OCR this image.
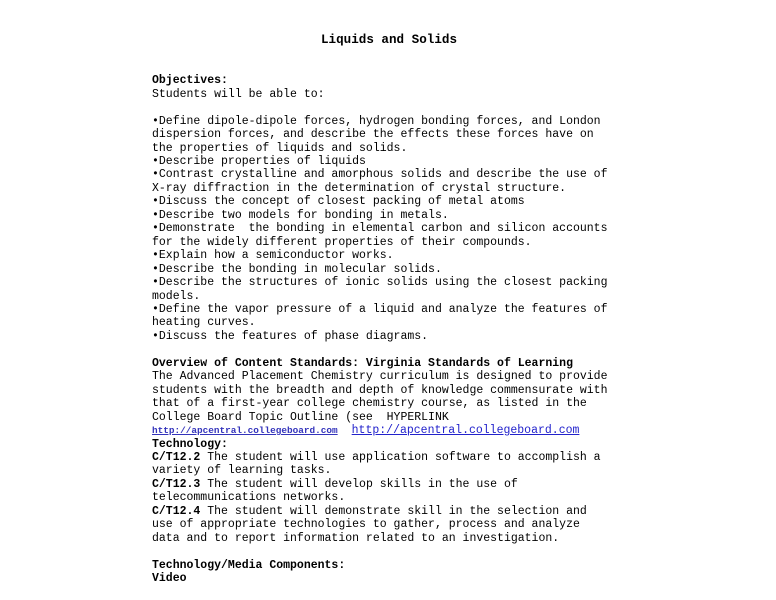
Liquids and Solids
Objectives:
Students will be able to:
•Define dipole-dipole forces, hydrogen bonding forces, and London
dispersion forces, and describe the effects these forces have on
the properties of liquids and solids.
•Describe properties of liquids
•Contrast crystalline and amorphous solids and describe the use of
X-ray diffraction in the determination of crystal structure.
•Discuss the concept of closest packing of metal atoms
•Describe two models for bonding in metals.
•Demonstrate  the bonding in elemental carbon and silicon accounts
for the widely different properties of their compounds.
•Explain how a semiconductor works.
•Describe the bonding in molecular solids.
•Describe the structures of ionic solids using the closest packing
models.
•Define the vapor pressure of a liquid and analyze the features of
heating curves.
•Discuss the features of phase diagrams.
Overview of Content Standards: Virginia Standards of Learning
The Advanced Placement Chemistry curriculum is designed to provide
students with the breadth and depth of knowledge commensurate with
that of a first-year college chemistry course, as listed in the
College Board Topic Outline (see  HYPERLINK
http://apcentral.collegeboard.com http://apcentral.collegeboard.com
Technology:
C/T12.2 The student will use application software to accomplish a
variety of learning tasks.
C/T12.3 The student will develop skills in the use of
telecommunications networks.
C/T12.4 The student will demonstrate skill in the selection and
use of appropriate technologies to gather, process and analyze
data and to report information related to an investigation.
Technology/Media Components:
Video
